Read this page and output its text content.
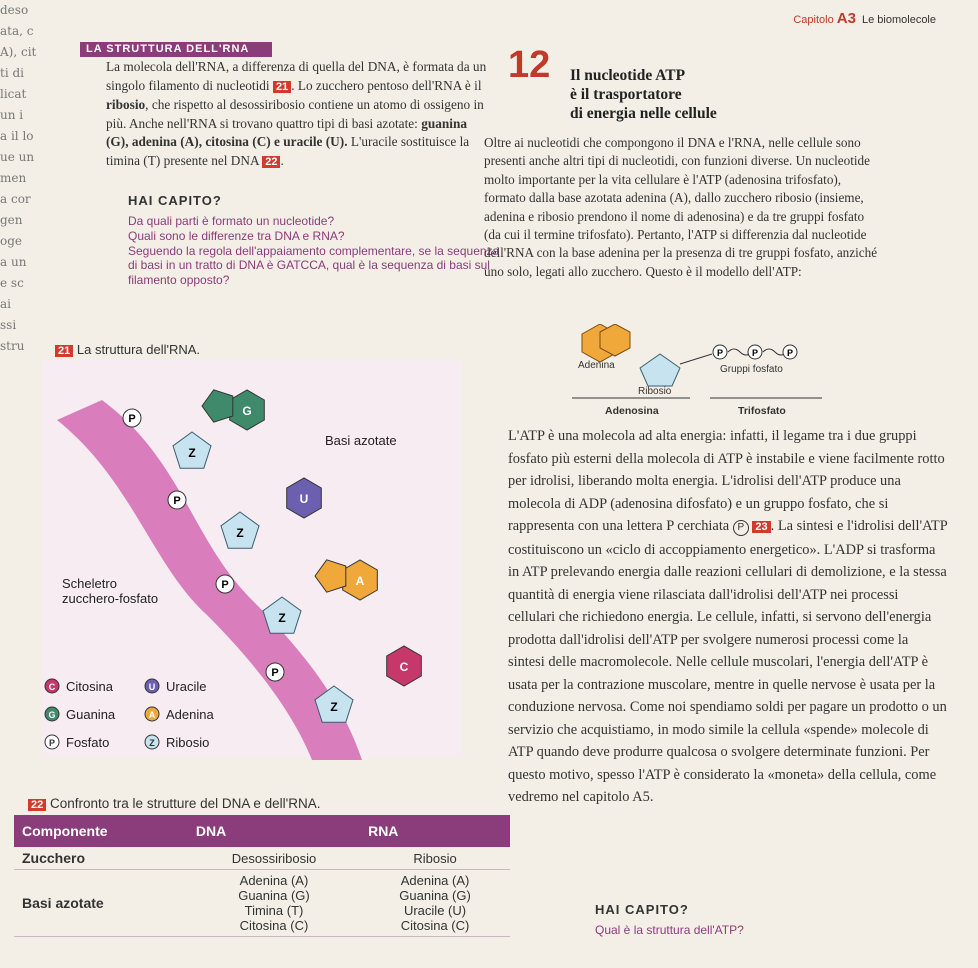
deso
ata, c
A), cit
ti di
licat
un i
a il lo
ue un
men
a cor
gen
oge
a un
e sc
ai
ssi
stru
Capitolo A3 Le biomolecole
LA STRUTTURA DELL'RNA
La molecola dell'RNA, a differenza di quella del DNA, è formata da un singolo filamento di nucleotidi 21 . Lo zucchero pentoso dell'RNA è il ribosio, che rispetto al desossiribosio contiene un atomo di ossigeno in più. Anche nell'RNA si trovano quattro tipi di basi azotate: guanina (G), adenina (A), citosina (C) e uracile (U). L'uracile sostituisce la timina (T) presente nel DNA 22 .
HAI CAPITO?
Da quali parti è formato un nucleotide?
Quali sono le differenze tra DNA e RNA?
Seguendo la regola dell'appaiamento complementare, se la sequenza di basi in un tratto di DNA è GATCCA, qual è la sequenza di basi sul filamento opposto?
21 La struttura dell'RNA.
P
Z
G
P
Z
U
P
Z
A
P
Z
C
Basi azotate
Scheletro zucchero-fosfato
C Citosina	U Uracile
G Guanina	A Adenina
P Fosfato	Z Ribosio
22 Confronto tra le strutture del DNA e dell'RNA.
Componente	DNA	RNA
Zucchero	Desossiribosio	Ribosio
Basi azotate	Adenina (A)
Guanina (G)
Timina (T)
Citosina (C)	Adenina (A)
Guanina (G)
Uracile (U)
Citosina (C)
12 Il nucleotide ATP
è il trasportatore
di energia nelle cellule
Oltre ai nucleotidi che compongono il DNA e l'RNA, nelle cellule sono presenti anche altri tipi di nucleotidi, con funzioni diverse. Un nucleotide molto importante per la vita cellulare è l'ATP (adenosina trifosfato), formato dalla base azotata adenina (A), dallo zucchero ribosio (insieme, adenina e ribosio prendono il nome di adenosina) e da tre gruppi fosfato (da cui il termine trifosfato). Pertanto, l'ATP si differenzia dal nucleotide dell'RNA con la base adenina per la presenza di tre gruppi fosfato, anziché uno solo, legati allo zucchero. Questo è il modello dell'ATP:
P	P	P
Adenina	Gruppi fosfato
Ribosio
Adenosina	Trifosfato
L'ATP è una molecola ad alta energia: infatti, il legame tra i due gruppi fosfato più esterni della molecola di ATP è instabile e viene facilmente rotto per idrolisi, liberando molta energia. L'idrolisi dell'ATP produce una molecola di ADP (adenosina difosfato) e un gruppo fosfato, che si rappresenta con una lettera P cerchiata P 23 . La sintesi e l'idrolisi dell'ATP costituiscono un «ciclo di accoppiamento energetico». L'ADP si trasforma in ATP prelevando energia dalle reazioni cellulari di demolizione, e la stessa quantità di energia viene rilasciata dall'idrolisi dell'ATP nei processi cellulari che richiedono energia. Le cellule, infatti, si servono dell'energia prodotta dall'idrolisi dell'ATP per svolgere numerosi processi come la sintesi delle macromolecole. Nelle cellule muscolari, l'energia dell'ATP è usata per la contrazione muscolare, mentre in quelle nervose è usata per la conduzione nervosa. Come noi spendiamo soldi per pagare un prodotto o un servizio che acquistiamo, in modo simile la cellula «spende» molecole di ATP quando deve produrre qualcosa o svolgere determinate funzioni. Per questo motivo, spesso l'ATP è considerato la «moneta» della cellula, come vedremo nel capitolo A5.
HAI CAPITO?
Qual è la struttura dell'ATP?
